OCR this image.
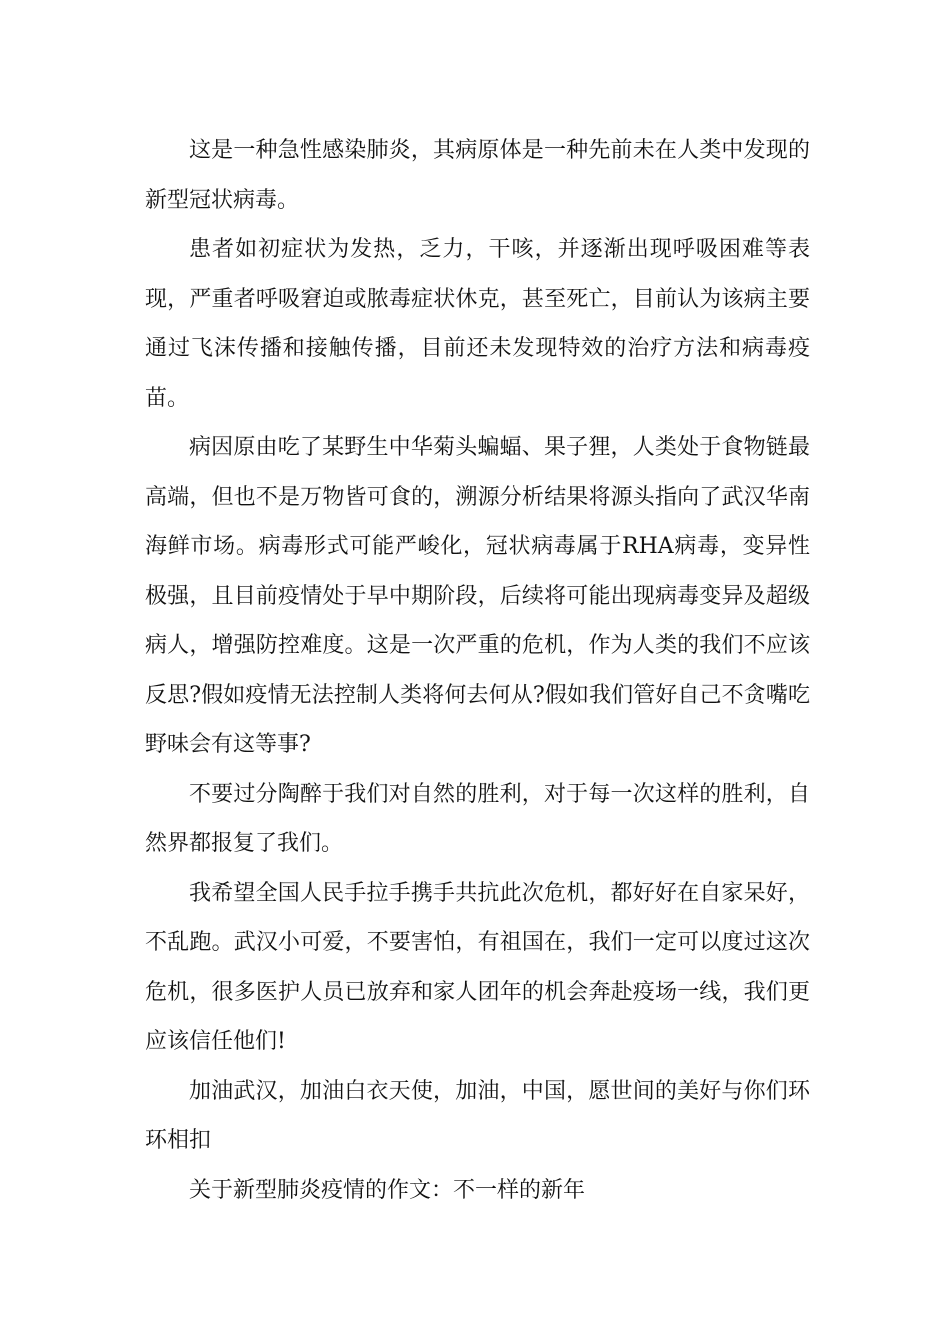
这是一种急性感染肺炎，其病原体是一种先前未在人类中发现的新型冠状病毒。

患者如初症状为发热，乏力，干咳，并逐渐出现呼吸困难等表现，严重者呼吸窘迫或脓毒症状休克，甚至死亡，目前认为该病主要通过飞沫传播和接触传播，目前还未发现特效的治疗方法和病毒疫苗。

病因原由吃了某野生中华菊头蝙蝠、果子狸，人类处于食物链最高端，但也不是万物皆可食的，溯源分析结果将源头指向了武汉华南海鲜市场。病毒形式可能严峻化，冠状病毒属于RHA病毒，变异性极强，且目前疫情处于早中期阶段，后续将可能出现病毒变异及超级病人，增强防控难度。这是一次严重的危机，作为人类的我们不应该反思?假如疫情无法控制人类将何去何从?假如我们管好自己不贪嘴吃野味会有这等事?

不要过分陶醉于我们对自然的胜利，对于每一次这样的胜利，自然界都报复了我们。

我希望全国人民手拉手携手共抗此次危机，都好好在自家呆好，不乱跑。武汉小可爱，不要害怕，有祖国在，我们一定可以度过这次危机，很多医护人员已放弃和家人团年的机会奔赴疫场一线，我们更应该信任他们!

加油武汉，加油白衣天使，加油，中国，愿世间的美好与你们环环相扣

关于新型肺炎疫情的作文：不一样的新年
